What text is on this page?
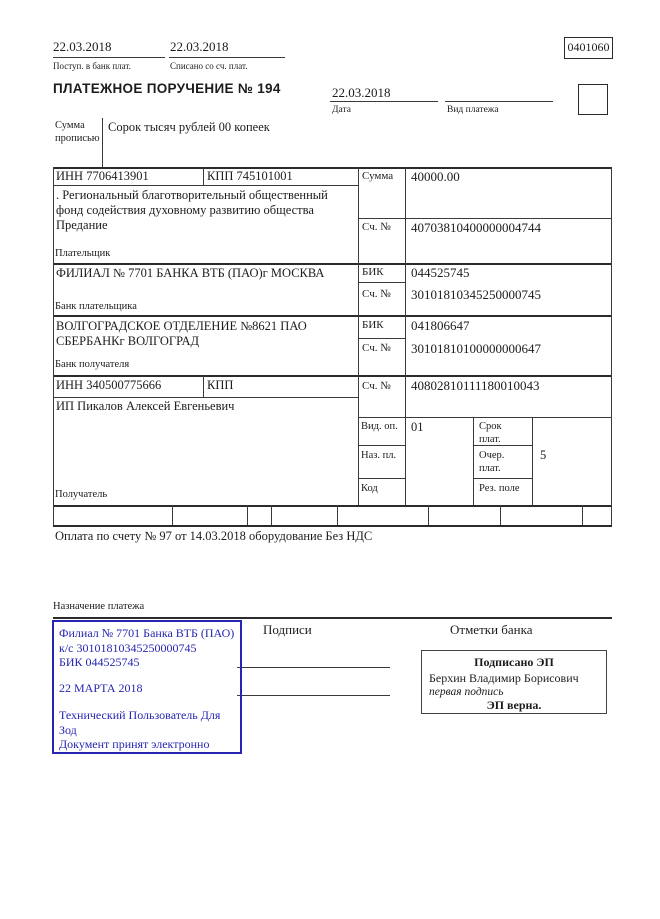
22.03.2018
Поступ. в банк плат.
22.03.2018
Списано со сч. плат.
0401060
ПЛАТЕЖНОЕ ПОРУЧЕНИЕ № 194	22.03.2018
Дата	Вид платежа
Сумма прописью
Сорок тысяч рублей 00 копеек
ИНН 7706413901	КПП 745101001	Сумма 40000.00
. Региональный благотворительный общественный фонд содействия духовному развитию общества Предание
Плательщик
Сч. № 40703810400000004744
ФИЛИАЛ № 7701 БАНКА ВТБ (ПАО)г МОСКВА
Банк плательщика
БИК 044525745
Сч. № 30101810345250000745
ВОЛГОГРАДСКОЕ ОТДЕЛЕНИЕ №8621 ПАО СБЕРБАНКг ВОЛГОГРАД
Банк получателя
БИК 041806647
Сч. № 30101810100000000647
ИНН 340500775666	КПП	Сч. № 40802810111180010043
ИП Пикалов Алексей Евгеньевич
Получатель
Вид. оп. 01	Срок плат.
Наз. пл.	Очер. плат.
5
Код	Рез. поле
Оплата по счету № 97 от 14.03.2018 оборудование Без НДС
Назначение платежа
Подписи	Отметки банка
Филиал № 7701 Банка ВТБ (ПАО)
к/с 30101810345250000745
БИК 044525745
22 МАРТА 2018
Технический Пользователь Для Зод
Документ принят электронно
Подписано ЭП
Берхин Владимир Борисович
первая подпись
ЭП верна.
